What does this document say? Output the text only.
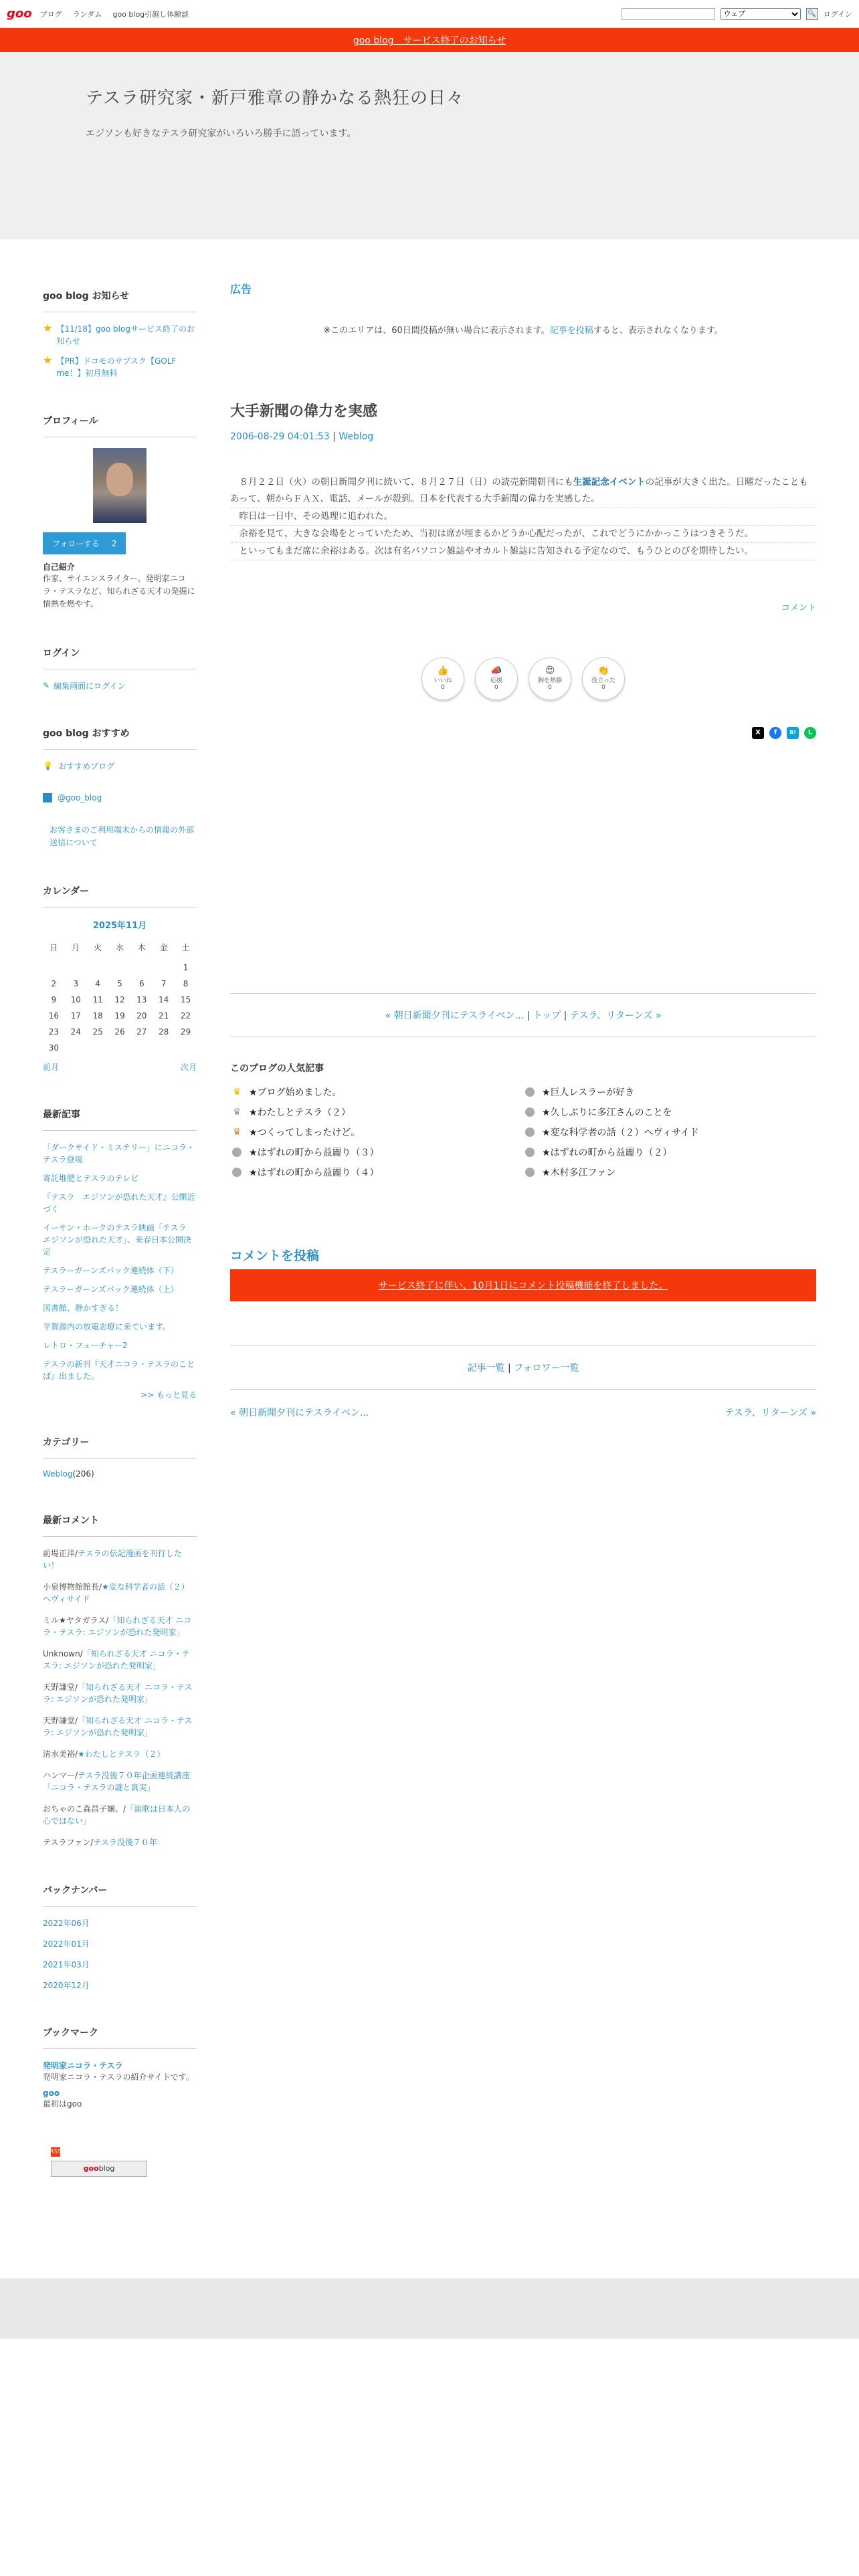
goo ブログ ランダム goo blog引越し体験談
ウェブ	🔍 ログイン
goo blog　サービス終了のお知らせ
テスラ研究家・新戸雅章の静かなる熱狂の日々

エジソンも好きなテスラ研究家がいろいろ勝手に語っています。

goo blog お知らせ
★ 【11/18】goo blogサービス終了のお知らせ
★ 【PR】ドコモのサブスク【GOLF me！】初月無料
プロフィール
フォローする 2
自己紹介
作家、サイエンスライター。発明家ニコラ・テスラなど、知られざる天才の発掘に情熱を燃やす。
ログイン
✎ 編集画面にログイン
goo blog おすすめ
💡 おすすめブログ
@goo_blog
お客さまのご利用端末からの情報の外部送信について
カレンダー
2025年11月
日	月	火	水	木	金	土
						1
2	3	4	5	6	7	8
9	10	11	12	13	14	15
16	17	18	19	20	21	22
23	24	25	26	27	28	29
30						
前月	次月
最新記事
「ダークサイド・ミステリー」にニコラ・テスラ登場
寄託堆肥とテスラのテレビ
『テスラ　エジソンが恐れた天才』公開近づく
イーサン・ホークのテスラ映画「テスラ　エジソンが恐れた天才」、来春日本公開決定
テスラーガーンズパック連続体（下）
テスラーガーンズパック連続体（上）
図書館、静かすぎる！
平賀源内の放電志燈に来ています。
レトロ・フューチャー2
テスラの新刊『天才ニコラ・テスラのことば』出ました。
>> もっと見る
カテゴリー
Weblog(206)
最新コメント
前場正洋/テスラの伝記漫画を刊行したい！
小泉博物館館長/★変な科学者の話（２）ヘヴィサイド
ミル★ヤタガラス/「知られざる天才 ニコラ・テスラ: エジソンが恐れた発明家」
Unknown/「知られざる天才 ニコラ・テスラ: エジソンが恐れた発明家」
天野謙堂/「知られざる天才 ニコラ・テスラ: エジソンが恐れた発明家」
天野謙堂/「知られざる天才 ニコラ・テスラ: エジソンが恐れた発明家」
清水美裕/★わたしとテスラ（２）
ハンマー/テスラ没後７０年企画連続講座「ニコラ・テスラの謎と真実」
おちゃのこ森昌子嬢、/「演歌は日本人の心ではない」
テスラファン/テスラ没後７０年
バックナンバー
2022年06月
2022年01月
2021年03月
2020年12月
ブックマーク
発明家ニコラ・テスラ
発明家ニコラ・テスラの紹介サイトです。
goo
最初はgoo
RSS
goo blog
広告

※このエリアは、60日間投稿が無い場合に表示されます。記事を投稿すると、表示されなくなります。

大手新聞の偉力を実感
2006-08-29 04:01:53 | Weblog

　８月２２日（火）の朝日新聞夕刊に続いて、８月２７日（日）の読売新聞朝刊にも生誕記念イベントの記事が大きく出た。日曜だったこともあって、朝からＦＡＸ、電話、メールが殺到。日本を代表する大手新聞の偉力を実感した。

　昨日は一日中、その処理に追われた。

　余裕を見て、大きな会場をとっていたため、当初は席が埋まるかどうか心配だったが、これでどうにかかっこうはつきそうだ。

　といってもまだ席に余裕はある。次は有名パソコン雑誌やオカルト雑誌に告知される予定なので、もうひとのびを期待したい。

コメント
👍
いいね
0
📣
応援
0
😍
胸を熱腺
0
👏
役立った
0
X	f	B!	L
« 朝日新聞夕刊にテスライベン... | トップ | テスラ、リターンズ »
このブログの人気記事
♛ ★ブログ始めました。	★巨人レスラーが好き
♛ ★わたしとテスラ（２）	★久しぶりに多江さんのことを
♛ ★つくってしまったけど。	★変な科学者の話（２）ヘヴィサイド
★はずれの町から益麗り（３）	★はずれの町から益麗り（２）
★はずれの町から益麗り（４）	★木村多江ファン
コメントを投稿
サービス終了に伴い、10月1日にコメント投稿機能を終了しました。
記事一覧 | フォロワー一覧
« 朝日新聞夕刊にテスライベン...	テスラ、リターンズ »
